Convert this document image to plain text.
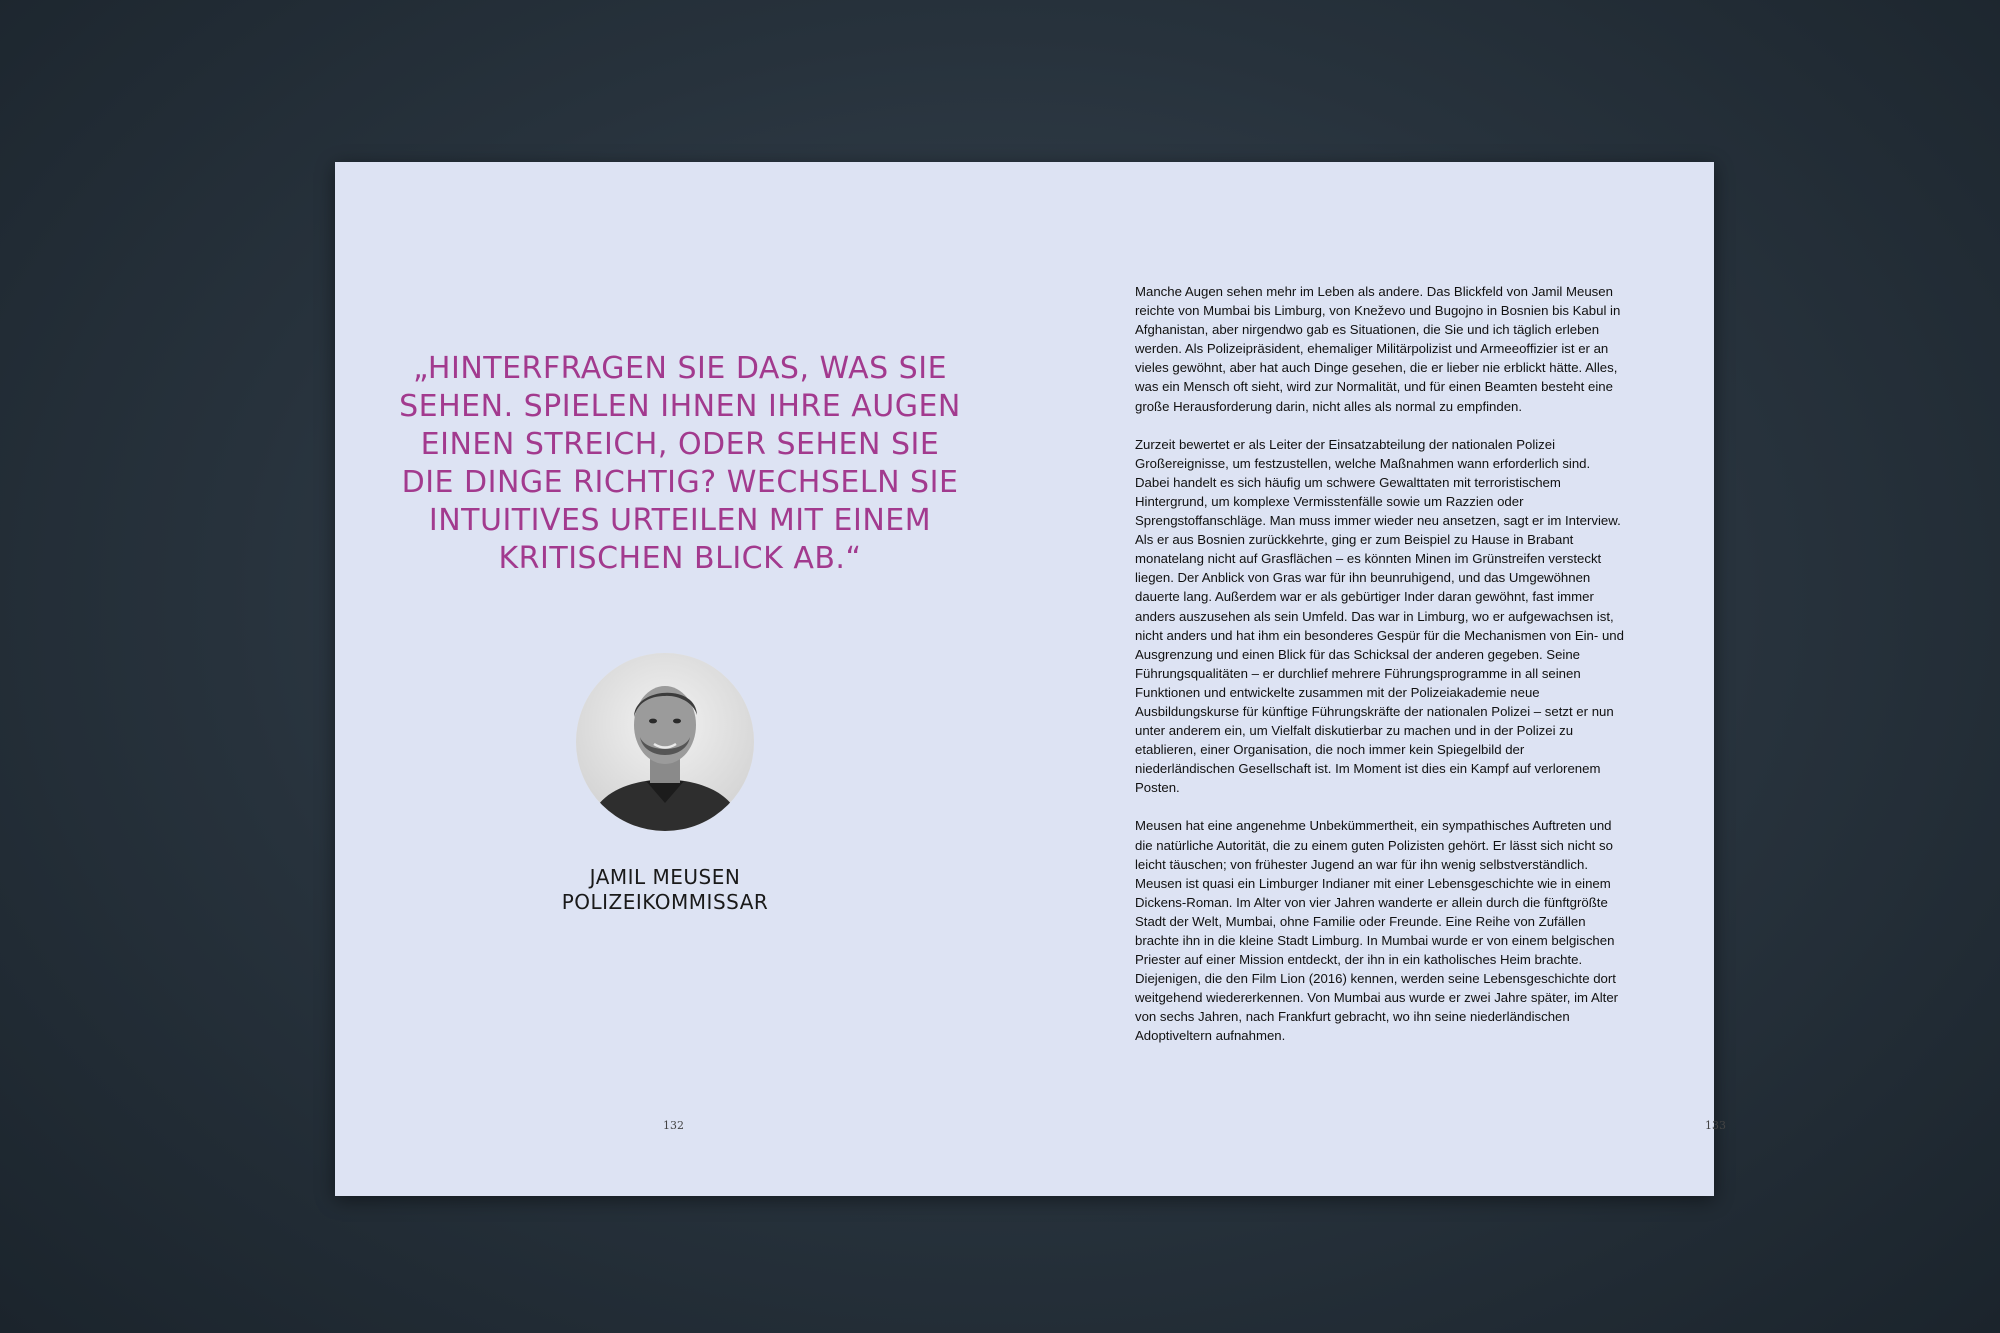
„HINTERFRAGEN SIE DAS, WAS SIE SEHEN. SPIELEN IHNEN IHRE AUGEN EINEN STREICH, ODER SEHEN SIE DIE DINGE RICHTIG? WECHSELN SIE INTUITIVES URTEILEN MIT EINEM KRITISCHEN BLICK AB.“

JAMIL MEUSEN
POLIZEIKOMMISSAR
132

Manche Augen sehen mehr im Leben als andere. Das Blickfeld von Jamil Meusen reichte von Mumbai bis Limburg, von Kneževo und Bugojno in Bosnien bis Kabul in Afghanistan, aber nirgendwo gab es Situationen, die Sie und ich täglich erleben werden. Als Polizeipräsident, ehemaliger Militärpolizist und Armeeoffizier ist er an vieles gewöhnt, aber hat auch Dinge gesehen, die er lieber nie erblickt hätte. Alles, was ein Mensch oft sieht, wird zur Normalität, und für einen Beamten besteht eine große Herausforderung darin, nicht alles als normal zu empfinden.

Zurzeit bewertet er als Leiter der Einsatzabteilung der nationalen Polizei Großereignisse, um festzustellen, welche Maßnahmen wann erforderlich sind. Dabei handelt es sich häufig um schwere Gewalttaten mit terroristischem Hintergrund, um komplexe Vermisstenfälle sowie um Razzien oder Sprengstoffanschläge. Man muss immer wieder neu ansetzen, sagt er im Interview. Als er aus Bosnien zurückkehrte, ging er zum Beispiel zu Hause in Brabant monatelang nicht auf Grasflächen – es könnten Minen im Grünstreifen versteckt liegen. Der Anblick von Gras war für ihn beunruhigend, und das Umgewöhnen dauerte lang. Außerdem war er als gebürtiger Inder daran gewöhnt, fast immer anders auszusehen als sein Umfeld. Das war in Limburg, wo er aufgewachsen ist, nicht anders und hat ihm ein besonderes Gespür für die Mechanismen von Ein- und Ausgrenzung und einen Blick für das Schicksal der anderen gegeben. Seine Führungsqualitäten – er durchlief mehrere Führungsprogramme in all seinen Funktionen und entwickelte zusammen mit der Polizeiakademie neue Ausbildungskurse für künftige Führungskräfte der nationalen Polizei – setzt er nun unter anderem ein, um Vielfalt diskutierbar zu machen und in der Polizei zu etablieren, einer Organisation, die noch immer kein Spiegelbild der niederländischen Gesellschaft ist. Im Moment ist dies ein Kampf auf verlorenem Posten.

Meusen hat eine angenehme Unbekümmertheit, ein sympathisches Auftreten und die natürliche Autorität, die zu einem guten Polizisten gehört. Er lässt sich nicht so leicht täuschen; von frühester Jugend an war für ihn wenig selbstverständlich. Meusen ist quasi ein Limburger Indianer mit einer Lebensgeschichte wie in einem Dickens-Roman. Im Alter von vier Jahren wanderte er allein durch die fünftgrößte Stadt der Welt, Mumbai, ohne Familie oder Freunde. Eine Reihe von Zufällen brachte ihn in die kleine Stadt Limburg. In Mumbai wurde er von einem belgischen Priester auf einer Mission entdeckt, der ihn in ein katholisches Heim brachte. Diejenigen, die den Film Lion (2016) kennen, werden seine Lebensgeschichte dort weitgehend wiedererkennen. Von Mumbai aus wurde er zwei Jahre später, im Alter von sechs Jahren, nach Frankfurt gebracht, wo ihn seine niederländischen Adoptiveltern aufnahmen.

133
